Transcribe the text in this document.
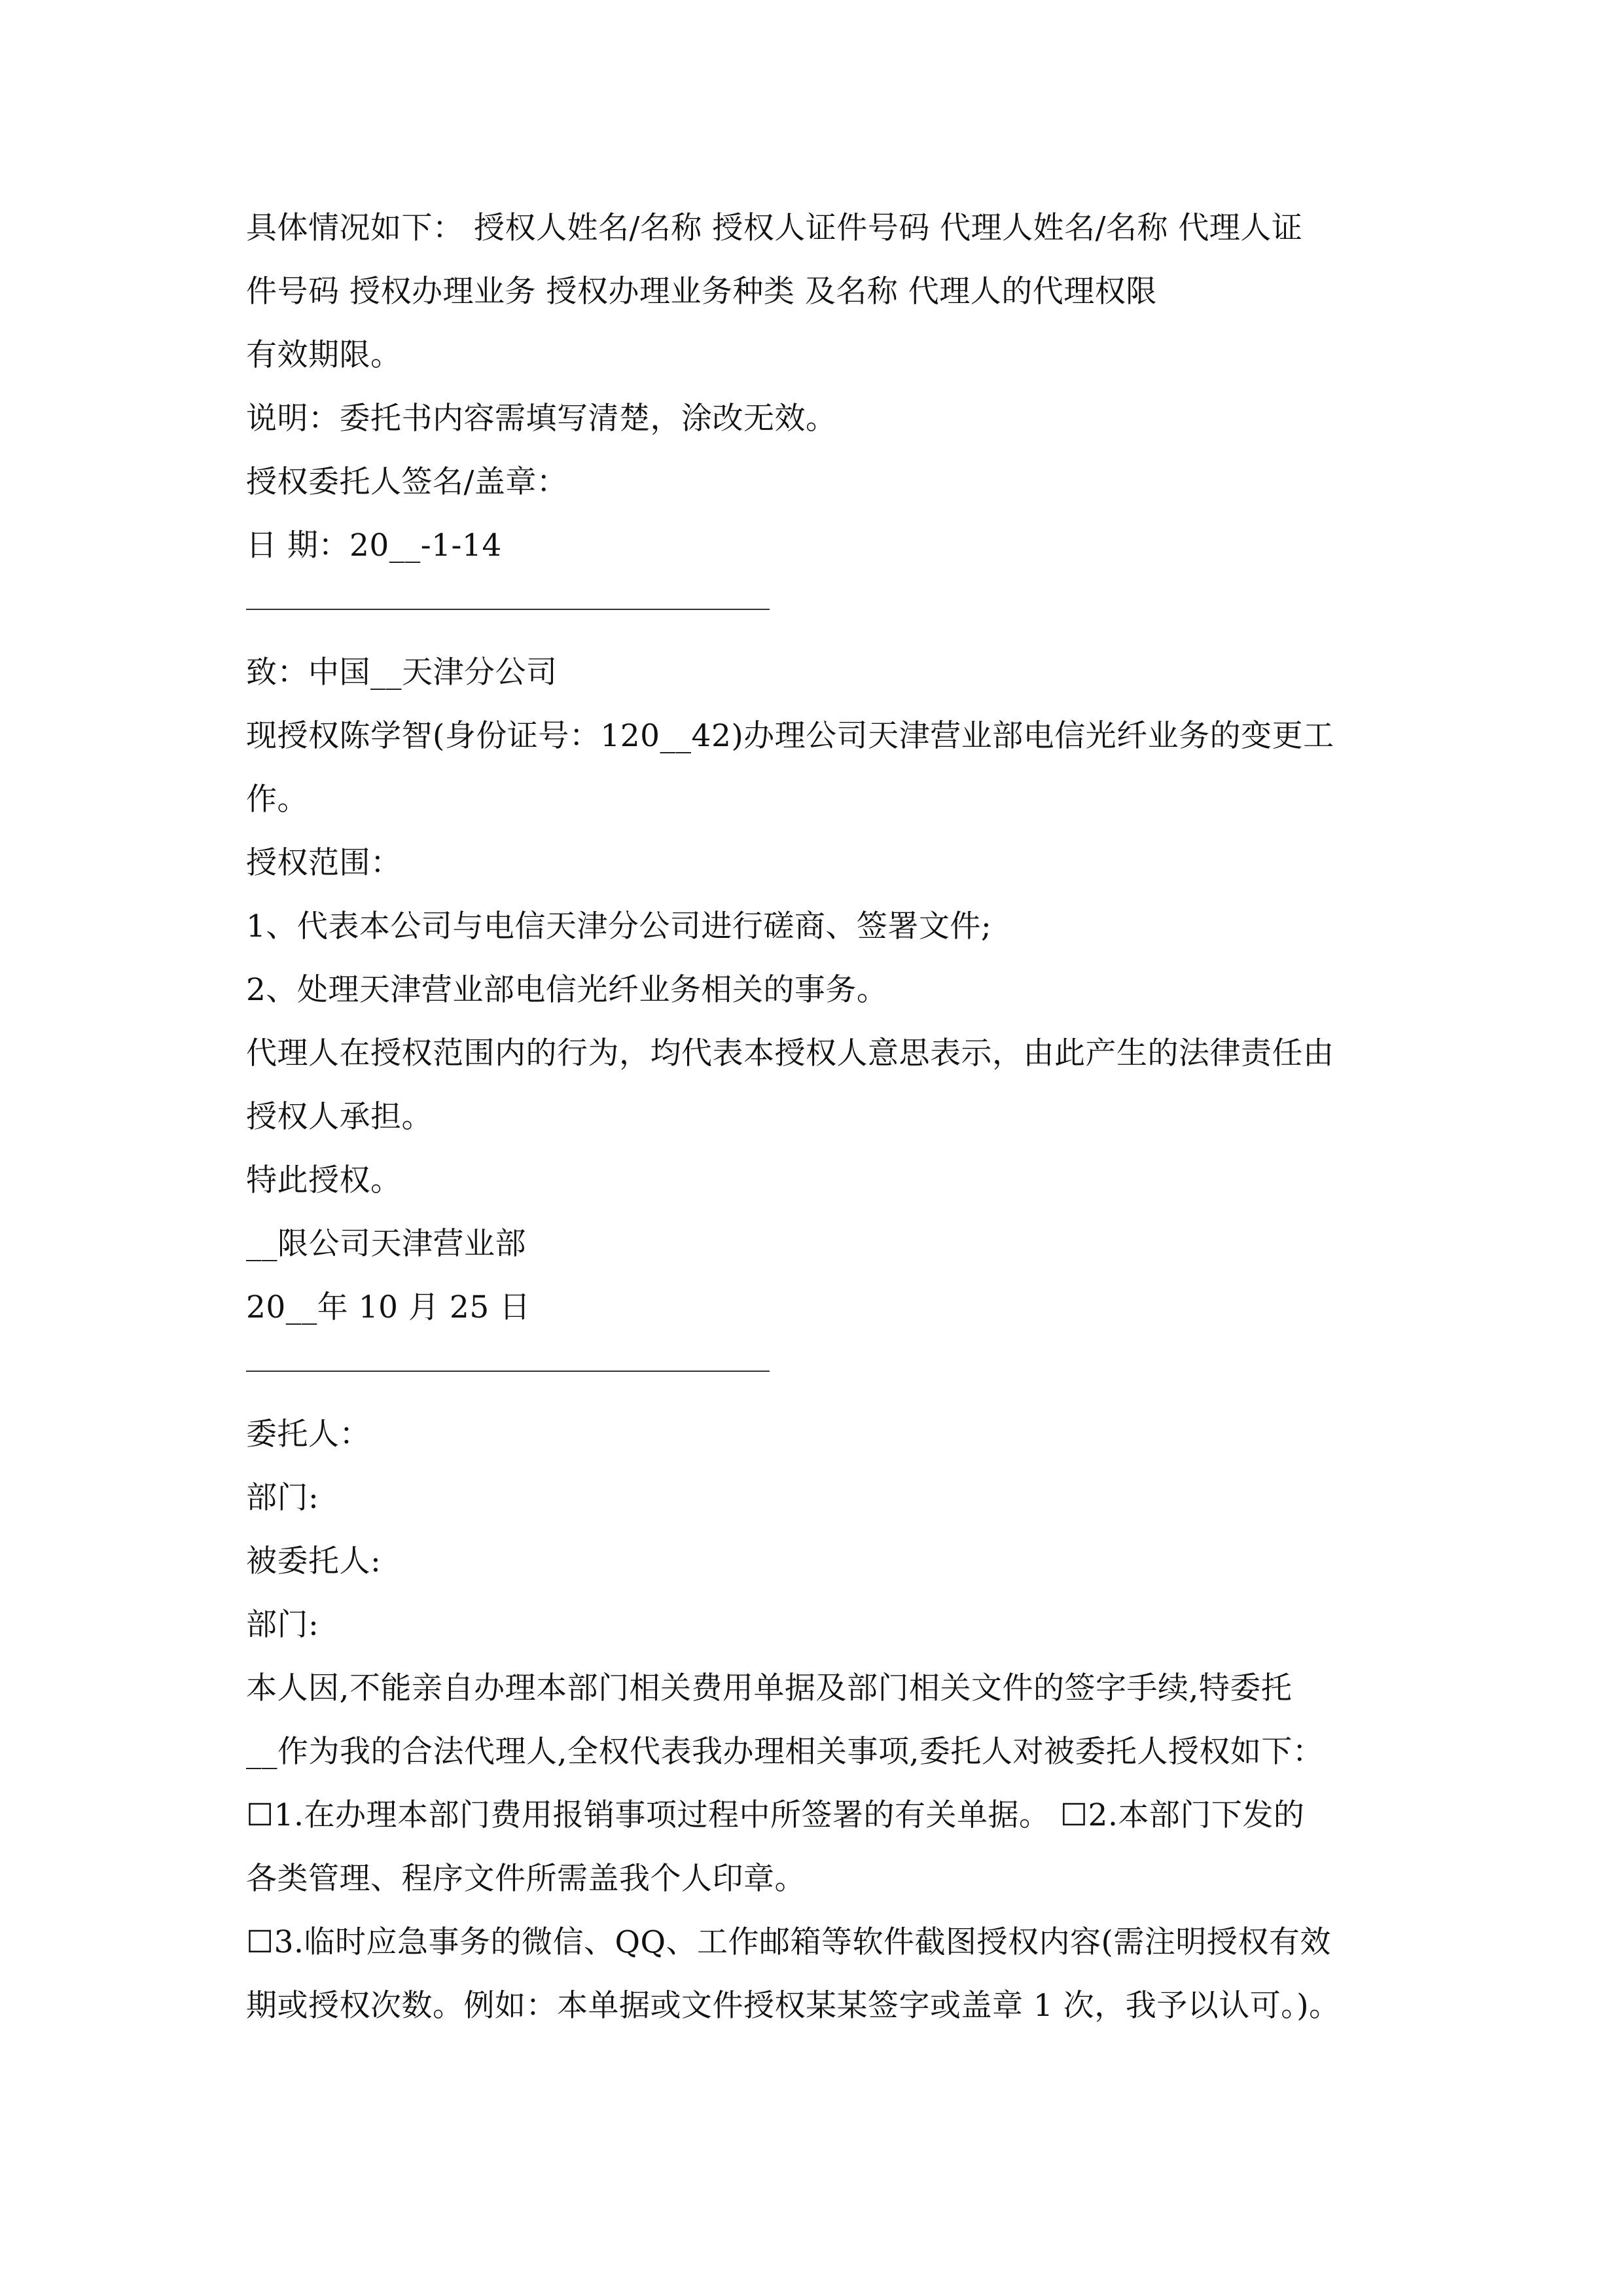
具体情况如下： 授权人姓名/名称 授权人证件号码 代理人姓名/名称 代理人证
件号码 授权办理业务 授权办理业务种类 及名称 代理人的代理权限
有效期限。
说明：委托书内容需填写清楚，涂改无效。
授权委托人签名/盖章：
日 期：20__-1-14
致：中国__天津分公司
现授权陈学智(身份证号：120__42)办理公司天津营业部电信光纤业务的变更工
作。
授权范围：
1、代表本公司与电信天津分公司进行磋商、签署文件;
2、处理天津营业部电信光纤业务相关的事务。
代理人在授权范围内的行为，均代表本授权人意思表示，由此产生的法律责任由
授权人承担。
特此授权。
__限公司天津营业部
20__年 10 月 25 日
委托人：
部门:
被委托人:
部门:
本人因,不能亲自办理本部门相关费用单据及部门相关文件的签字手续,特委托
__作为我的合法代理人,全权代表我办理相关事项,委托人对被委托人授权如下：
☐1.在办理本部门费用报销事项过程中所签署的有关单据。 ☐2.本部门下发的
各类管理、程序文件所需盖我个人印章。
☐3.临时应急事务的微信、QQ、工作邮箱等软件截图授权内容(需注明授权有效
期或授权次数。例如：本单据或文件授权某某签字或盖章 1 次，我予以认可。)。
